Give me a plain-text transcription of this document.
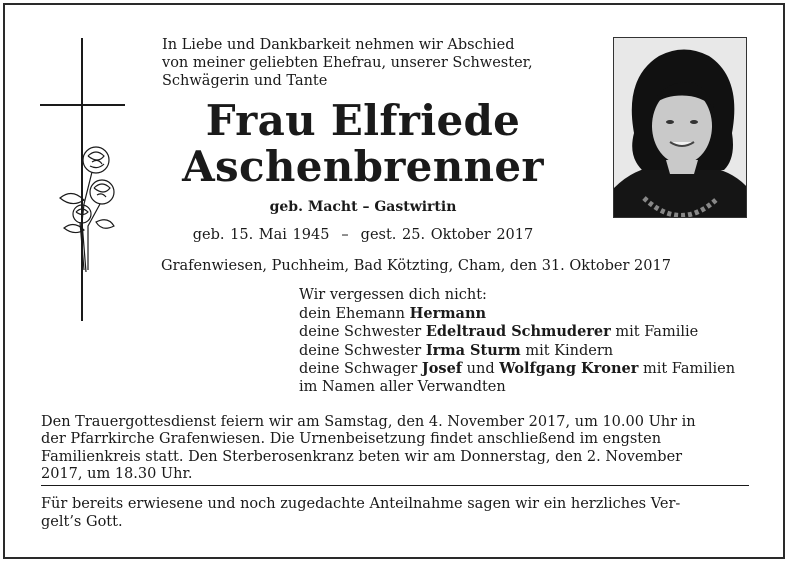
In Liebe und Dankbarkeit nehmen wir Abschied
von meiner geliebten Ehefrau, unserer Schwester,
Schwägerin und Tante
Frau Elfriede
Aschenbrenner
geb. Macht – Gastwirtin
geb. 15. Mai 1945 – gest. 25. Oktober 2017
Grafenwiesen, Puchheim, Bad Kötzting, Cham, den 31. Oktober 2017
Wir vergessen dich nicht:
dein Ehemann Hermann
deine Schwester Edeltraud Schmuderer mit Familie
deine Schwester Irma Sturm mit Kindern
deine Schwager Josef und Wolfgang Kroner mit Familien
im Namen aller Verwandten
Den Trauergottesdienst feiern wir am Samstag, den 4. November 2017, um 10.00 Uhr in
der Pfarrkirche Grafenwiesen. Die Urnenbeisetzung findet anschließend im engsten
Familienkreis statt. Den Sterberosenkranz beten wir am Donnerstag, den 2. November
2017, um 18.30 Uhr.
Für bereits erwiesene und noch zugedachte Anteilnahme sagen wir ein herzliches Ver-
gelt’s Gott.
